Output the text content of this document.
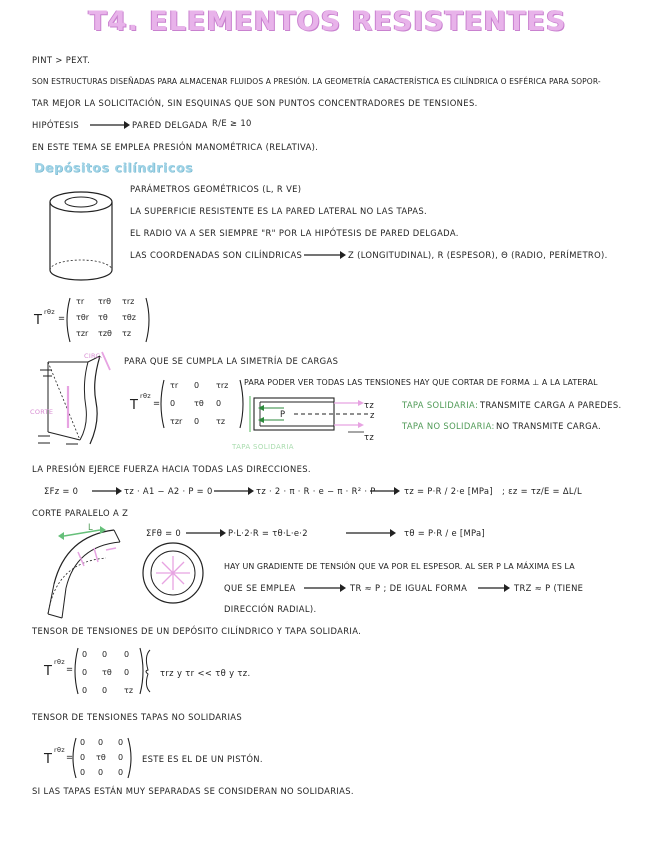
T4. ELEMENTOS RESISTENTES
PINT > PEXT.
SON ESTRUCTURAS DISEÑADAS PARA ALMACENAR FLUIDOS A PRESIÓN. LA GEOMETRÍA CARACTERÍSTICA ES CILÍNDRICA O ESFÉRICA PARA SOPOR-
TAR MEJOR LA SOLICITACIÓN, SIN ESQUINAS QUE SON PUNTOS CONCENTRADORES DE TENSIONES.
HIPÓTESIS	PARED DELGADA R/E ≥ 10
EN ESTE TEMA SE EMPLEA PRESIÓN MANOMÉTRICA (RELATIVA).
Depósitos cilíndricos
PARÁMETROS GEOMÉTRICOS (L, R VE)
LA SUPERFICIE RESISTENTE ES LA PARED LATERAL NO LAS TAPAS.
EL RADIO VA A SER SIEMPRE "R" POR LA HIPÓTESIS DE PARED DELGADA.
LAS COORDENADAS SON CILÍNDRICAS	Z (LONGITUDINAL), R (ESPESOR), Θ (RADIO, PERÍMETRO).
T
rθz
=
τr τrθ τrz
τθr τθ τθz
τzr τzθ τz
CIRC.
CORTE
PARA QUE SE CUMPLA LA SIMETRÍA DE CARGAS
T
rθz
=
τr 0 τrz
0 τθ 0
τzr 0 τz
PARA PODER VER TODAS LAS TENSIONES HAY QUE CORTAR DE FORMA ⊥ A LA LATERAL
P
τz
z
τz
TAPA SOLIDARIA
TAPA SOLIDARIA: TRANSMITE CARGA A PAREDES.
TAPA NO SOLIDARIA: NO TRANSMITE CARGA.
LA PRESIÓN EJERCE FUERZA HACIA TODAS LAS DIRECCIONES.
ΣFz = 0	τz · A1 − A2 · P = 0	τz · 2 · π · R · e − π · R² · P	τz = P·R / 2·e [MPa] ; εz = τz/E = ΔL/L
CORTE PARALELO A Z
L
ΣFθ = 0	P·L·2·R = τθ·L·e·2	τθ = P·R / e [MPa]
HAY UN GRADIENTE DE TENSIÓN QUE VA POR EL ESPESOR. AL SER P LA MÁXIMA ES LA
QUE SE EMPLEA	ΤR ≈ P ; DE IGUAL FORMA	ΤRZ ≈ P (TIENE
DIRECCIÓN RADIAL).
TENSOR DE TENSIONES DE UN DEPÓSITO CILÍNDRICO Y TAPA SOLIDARIA.
T
rθz
=
0 0 0
0 τθ 0
0 0 τz
τrz y τr << τθ y τz.
TENSOR DE TENSIONES TAPAS NO SOLIDARIAS
T
rθz
=
0 0 0
0 τθ 0
0 0 0
ESTE ES EL DE UN PISTÓN.
SI LAS TAPAS ESTÁN MUY SEPARADAS SE CONSIDERAN NO SOLIDARIAS.
